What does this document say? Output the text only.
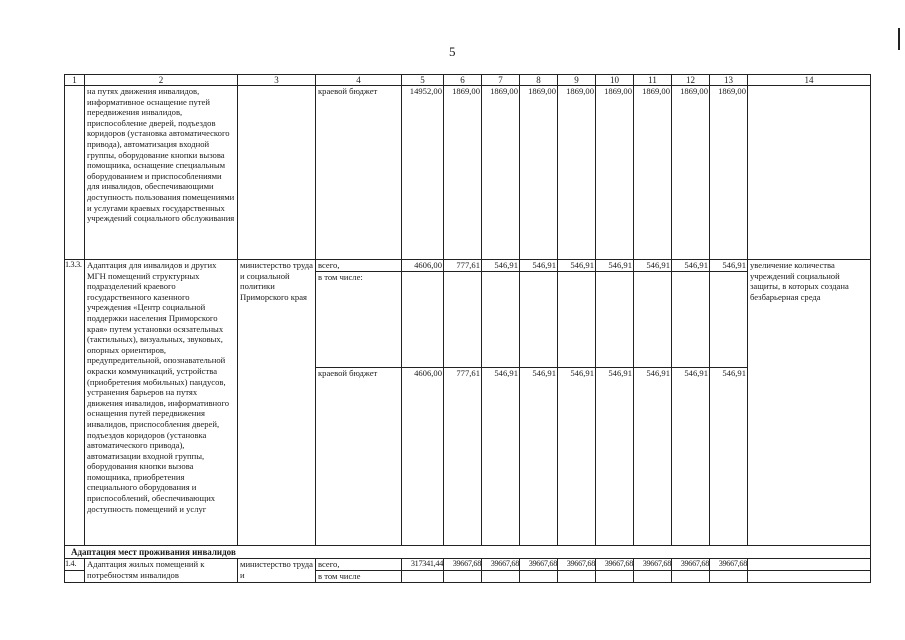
5
1	2	3	4	5	6	7	8	9	10	11	12	13	14
	на путях движения инвалидов, информативное оснащение путей передвижения инвалидов, приспособление дверей, подъездов коридоров (установка автоматического привода), автоматизация входной группы, оборудование кнопки вызова помощника, оснащение специальным оборудованием и приспособлениями для инвалидов, обеспечивающими доступность пользования помещениями и услугами краевых государственных учреждений социального обслуживания		краевой бюджет	14952,00	1869,00	1869,00	1869,00	1869,00	1869,00	1869,00	1869,00	1869,00	
1.3.3.	Адаптация для инвалидов и других МГН помещений структурных подразделений краевого государственного казенного учреждения «Центр социальной поддержки населения Приморского края» путем установки осязательных (тактильных), визуальных, звуковых, опорных ориентиров, предупредительной, опознавательной окраски коммуникаций, устройства (приобретения мобильных) пандусов, устранения барьеров на путях движения инвалидов, информативного оснащения путей передвижения инвалидов, приспособления дверей, подъездов коридоров (установка автоматического привода), автоматизации входной группы, оборудования кнопки вызова помощника, приобретения специального оборудования и приспособлений, обеспечивающих доступность помещений и услуг	министерство труда и социальной политики Приморского края	всего,	4606,00	777,61	546,91	546,91	546,91	546,91	546,91	546,91	546,91	увеличение количества учреждений социальной защиты, в которых создана безбарьерная среда
			в том числе:										
			краевой бюджет	4606,00	777,61	546,91	546,91	546,91	546,91	546,91	546,91	546,91	
Адаптация мест проживания инвалидов													
1.4.	Адаптация жилых помещений к потребностям инвалидов	министерство труда и	всего,	317341,44	39667,68	39667,68	39667,68	39667,68	39667,68	39667,68	39667,68	39667,68	
			в том числе										
